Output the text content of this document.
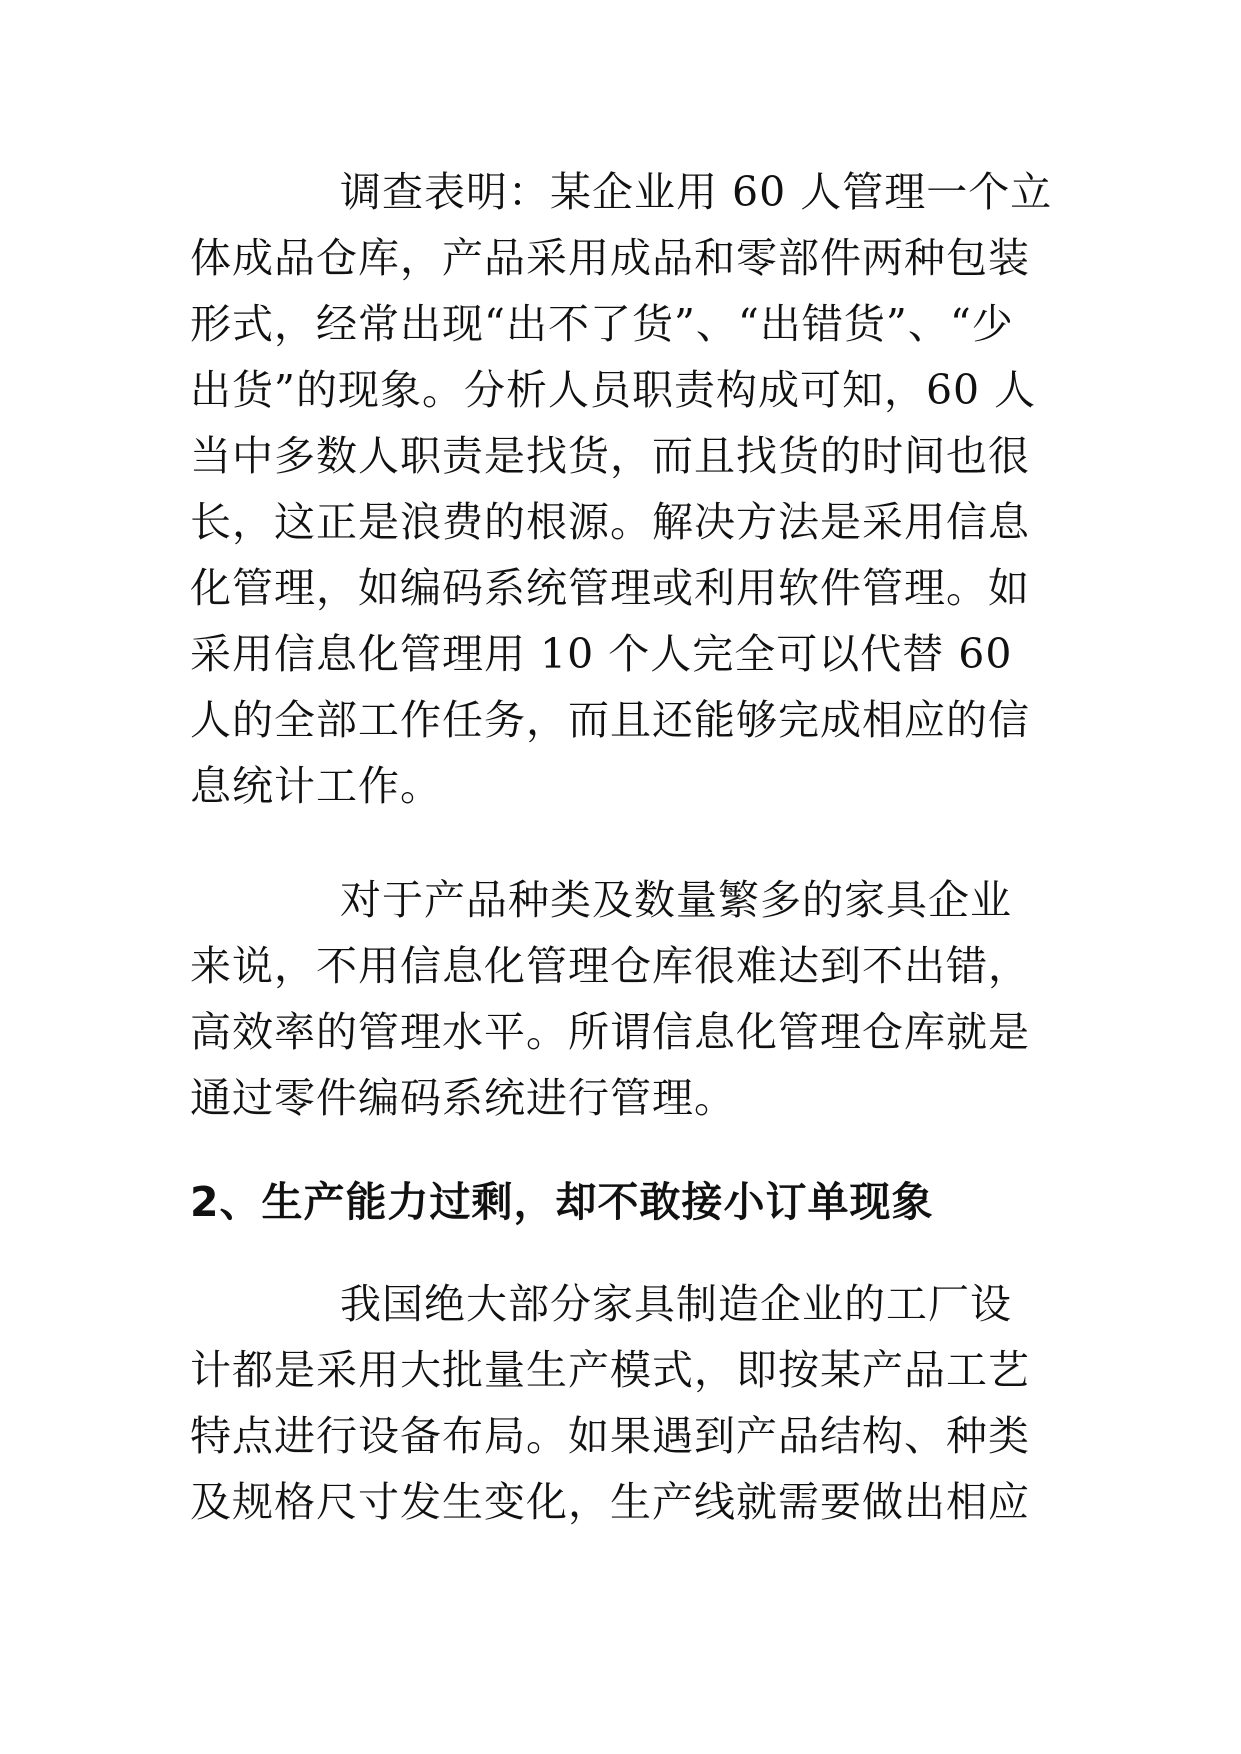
调查表明：某企业用 60 人管理一个立

体成品仓库，产品采用成品和零部件两种包装

形式，经常出现“出不了货”、“出错货”、“少

出货”的现象。分析人员职责构成可知，60 人

当中多数人职责是找货，而且找货的时间也很

长，这正是浪费的根源。解决方法是采用信息

化管理，如编码系统管理或利用软件管理。如

采用信息化管理用 10 个人完全可以代替 60

人的全部工作任务，而且还能够完成相应的信

息统计工作。

对于产品种类及数量繁多的家具企业

来说，不用信息化管理仓库很难达到不出错，

高效率的管理水平。所谓信息化管理仓库就是

通过零件编码系统进行管理。

2、生产能力过剩，却不敢接小订单现象

我国绝大部分家具制造企业的工厂设

计都是采用大批量生产模式，即按某产品工艺

特点进行设备布局。如果遇到产品结构、种类

及规格尺寸发生变化，生产线就需要做出相应
